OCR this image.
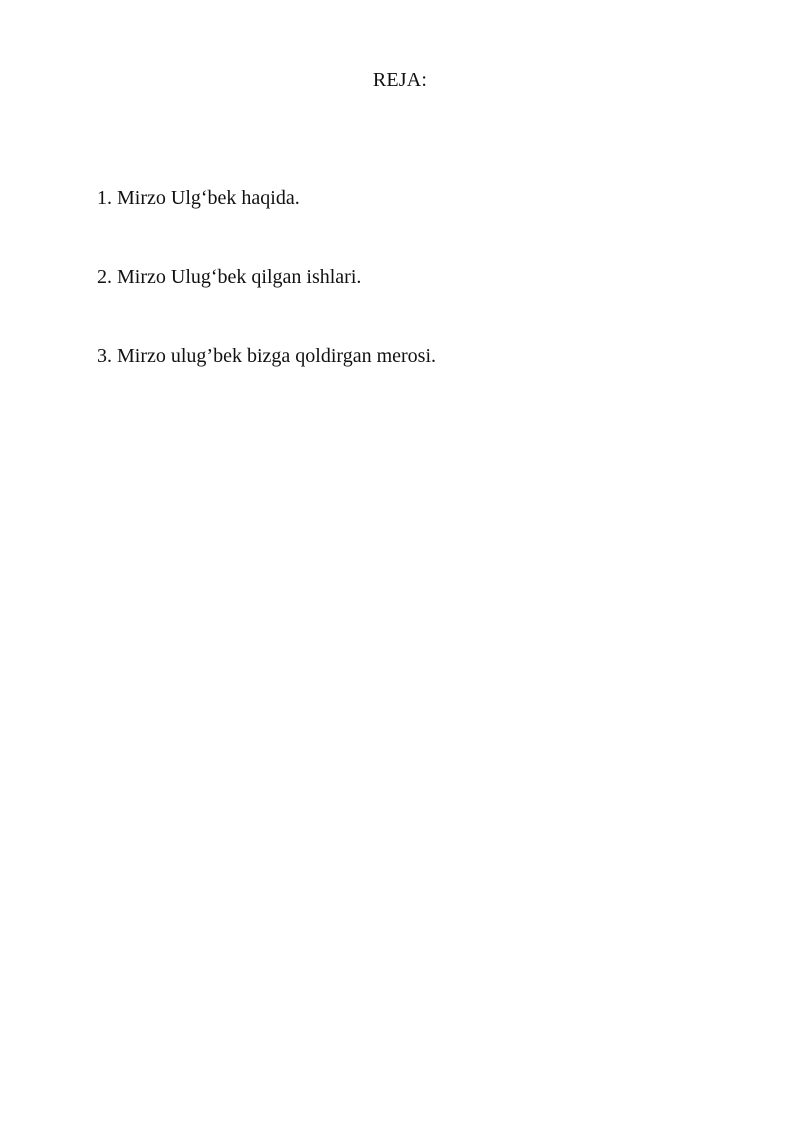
REJA:
1. Mirzo Ulg‘bek haqida.
2. Mirzo Ulug‘bek qilgan ishlari.
3. Mirzo ulug’bek bizga qoldirgan merosi.
